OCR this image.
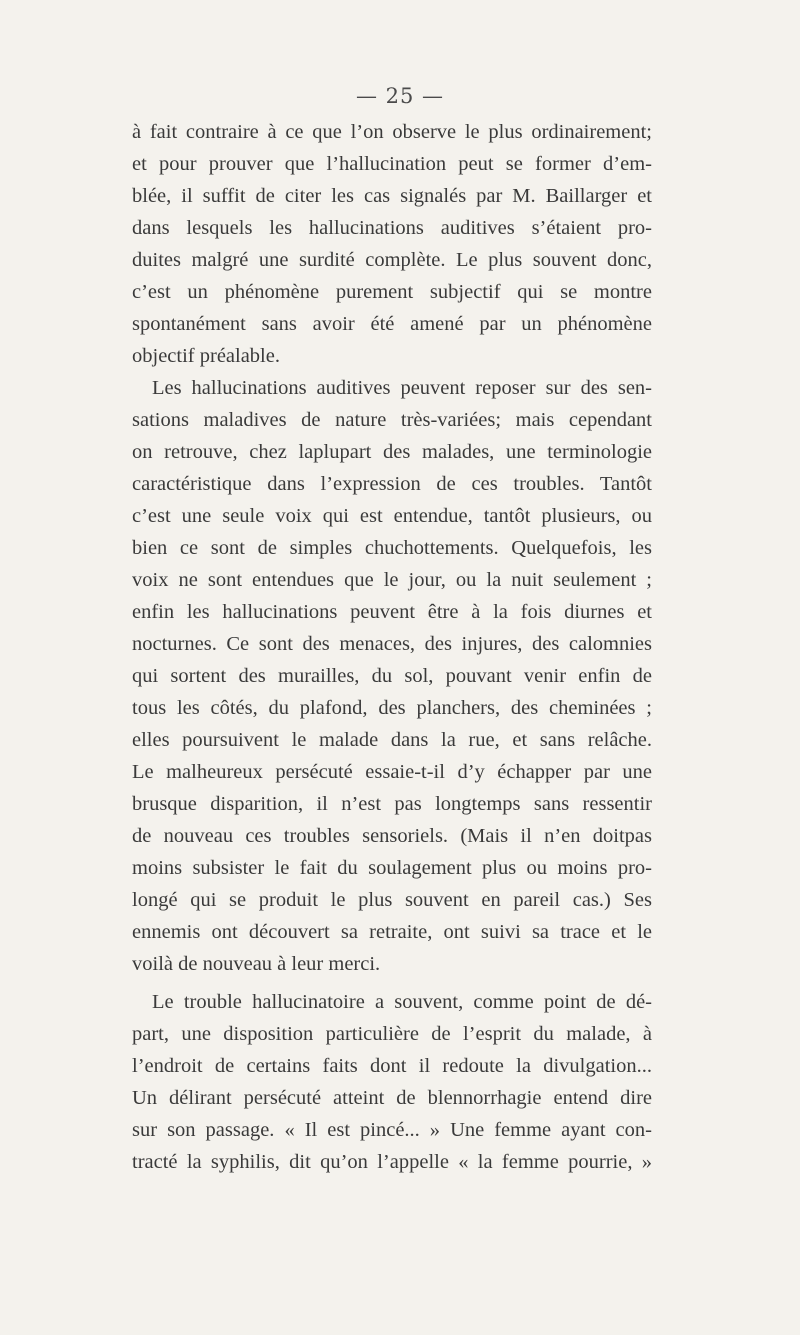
— 25 —
à fait contraire à ce que l’on observe le plus ordinairement;
et pour prouver que l’hallucination peut se former d’em-
blée, il suffit de citer les cas signalés par M. Baillarger et
dans lesquels les hallucinations auditives s’étaient pro-
duites malgré une surdité complète. Le plus souvent donc,
c’est un phénomène purement subjectif qui se montre
spontanément sans avoir été amené par un phénomène
objectif préalable.
Les hallucinations auditives peuvent reposer sur des sen-
sations maladives de nature très-variées; mais cependant
on retrouve, chez laplupart des malades, une terminologie
caractéristique dans l’expression de ces troubles. Tantôt
c’est une seule voix qui est entendue, tantôt plusieurs, ou
bien ce sont de simples chuchottements. Quelquefois, les
voix ne sont entendues que le jour, ou la nuit seulement ;
enfin les hallucinations peuvent être à la fois diurnes et
nocturnes. Ce sont des menaces, des injures, des calomnies
qui sortent des murailles, du sol, pouvant venir enfin de
tous les côtés, du plafond, des planchers, des cheminées ;
elles poursuivent le malade dans la rue, et sans relâche.
Le malheureux persécuté essaie-t-il d’y échapper par une
brusque disparition, il n’est pas longtemps sans ressentir
de nouveau ces troubles sensoriels. (Mais il n’en doitpas
moins subsister le fait du soulagement plus ou moins pro-
longé qui se produit le plus souvent en pareil cas.) Ses
ennemis ont découvert sa retraite, ont suivi sa trace et le
voilà de nouveau à leur merci.
Le trouble hallucinatoire a souvent, comme point de dé-
part, une disposition particulière de l’esprit du malade, à
l’endroit de certains faits dont il redoute la divulgation...
Un délirant persécuté atteint de blennorrhagie entend dire
sur son passage. « Il est pincé... » Une femme ayant con-
tracté la syphilis, dit qu’on l’appelle « la femme pourrie, »
